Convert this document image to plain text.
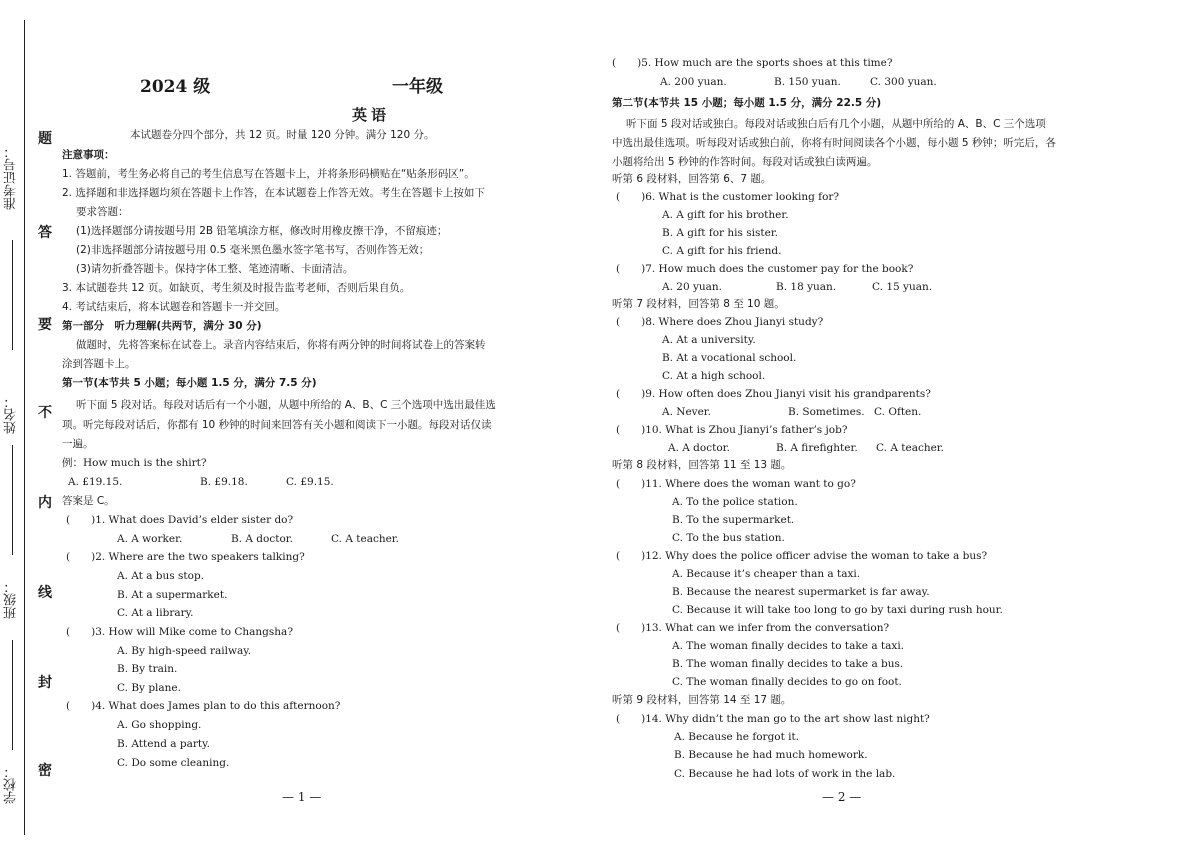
题
答
要
不
内
线
封
密
准考证号：
姓名：
班级：
学校：
2024 级	一年级
英语
本试题卷分四个部分，共 12 页。时量 120 分钟。满分 120 分。
注意事项：
1. 答题前，考生务必将自己的考生信息写在答题卡上，并将条形码横贴在“贴条形码区”。
2. 选择题和非选择题均须在答题卡上作答，在本试题卷上作答无效。考生在答题卡上按如下
要求答题：
(1)选择题部分请按题号用 2B 铅笔填涂方框，修改时用橡皮擦干净，不留痕迹；
(2)非选择题部分请按题号用 0.5 毫米黑色墨水签字笔书写，否则作答无效；
(3)请勿折叠答题卡。保持字体工整、笔迹清晰、卡面清洁。
3. 本试题卷共 12 页。如缺页，考生须及时报告监考老师，否则后果自负。
4. 考试结束后，将本试题卷和答题卡一并交回。
第一部分　听力理解(共两节，满分 30 分)
做题时，先将答案标在试卷上。录音内容结束后，你将有两分钟的时间将试卷上的答案转
涂到答题卡上。
第一节(本节共 5 小题；每小题 1.5 分，满分 7.5 分)
听下面 5 段对话。每段对话后有一个小题，从题中所给的 A、B、C 三个选项中选出最佳选
项。听完每段对话后，你都有 10 秒钟的时间来回答有关小题和阅读下一小题。每段对话仅读
一遍。
例：How much is the shirt?
A. £19.15.	B. £9.18.	C. £9.15.
答案是 C。
(　　)1. What does David’s elder sister do?
A. A worker.	B. A doctor.	C. A teacher.
(　　)2. Where are the two speakers talking?
A. At a bus stop.
B. At a supermarket.
C. At a library.
(　　)3. How will Mike come to Changsha?
A. By high-speed railway.
B. By train.
C. By plane.
(　　)4. What does James plan to do this afternoon?
A. Go shopping.
B. Attend a party.
C. Do some cleaning.
— 1 —
(　　)5. How much are the sports shoes at this time?
A. 200 yuan.	B. 150 yuan.	C. 300 yuan.
第二节(本节共 15 小题；每小题 1.5 分，满分 22.5 分)
听下面 5 段对话或独白。每段对话或独白后有几个小题，从题中所给的 A、B、C 三个选项
中选出最佳选项。听每段对话或独白前，你将有时间阅读各个小题，每小题 5 秒钟；听完后，各
小题将给出 5 秒钟的作答时间。每段对话或独白读两遍。
听第 6 段材料，回答第 6、7 题。
(　　)6. What is the customer looking for?
A. A gift for his brother.
B. A gift for his sister.
C. A gift for his friend.
(　　)7. How much does the customer pay for the book?
A. 20 yuan.	B. 18 yuan.	C. 15 yuan.
听第 7 段材料，回答第 8 至 10 题。
(　　)8. Where does Zhou Jianyi study?
A. At a university.
B. At a vocational school.
C. At a high school.
(　　)9. How often does Zhou Jianyi visit his grandparents?
A. Never.	B. Sometimes. C. Often.
(　　)10. What is Zhou Jianyi’s father’s job?
A. A doctor.	B. A firefighter. C. A teacher.
听第 8 段材料，回答第 11 至 13 题。
(　　)11. Where does the woman want to go?
A. To the police station.
B. To the supermarket.
C. To the bus station.
(　　)12. Why does the police officer advise the woman to take a bus?
A. Because it’s cheaper than a taxi.
B. Because the nearest supermarket is far away.
C. Because it will take too long to go by taxi during rush hour.
(　　)13. What can we infer from the conversation?
A. The woman finally decides to take a taxi.
B. The woman finally decides to take a bus.
C. The woman finally decides to go on foot.
听第 9 段材料，回答第 14 至 17 题。
(　　)14. Why didn’t the man go to the art show last night?
A. Because he forgot it.
B. Because he had much homework.
C. Because he had lots of work in the lab.
— 2 —
